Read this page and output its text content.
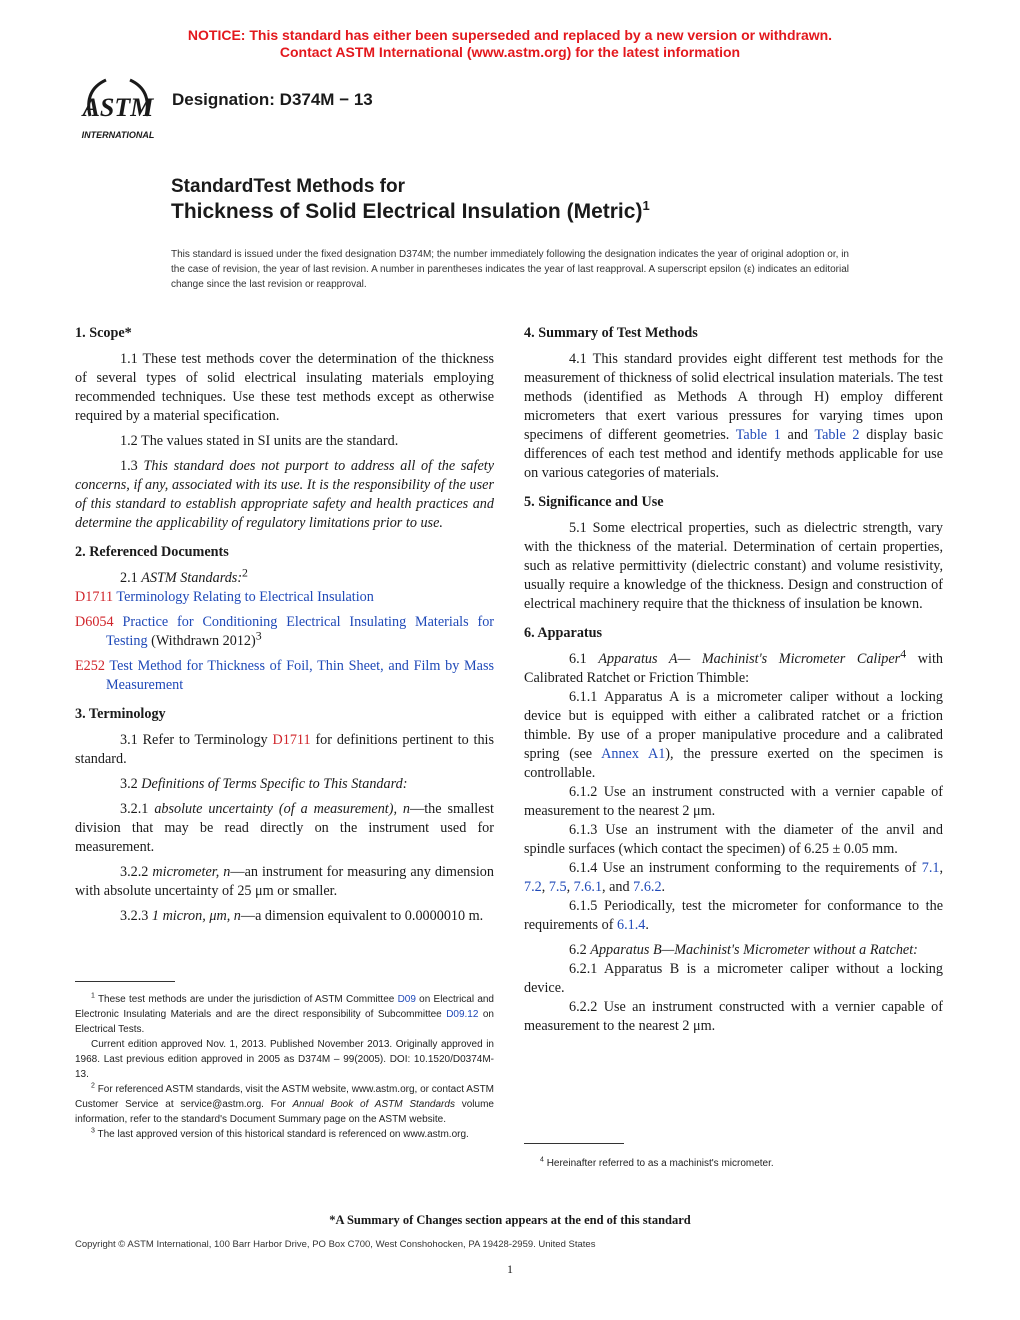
NOTICE: This standard has either been superseded and replaced by a new version or withdrawn.
Contact ASTM International (www.astm.org) for the latest information
ASTM
INTERNATIONAL
Designation: D374M − 13
StandardTest Methods for
Thickness of Solid Electrical Insulation (Metric)$^1$
This standard is issued under the fixed designation D374M; the number immediately following the designation indicates the year of original adoption or, in the case of revision, the year of last revision. A number in parentheses indicates the year of last reapproval. A superscript epsilon (ε) indicates an editorial change since the last revision or reapproval.
1. Scope*

1.1 These test methods cover the determination of the thickness of several types of solid electrical insulating materials employing recommended techniques. Use these test methods except as otherwise required by a material specification.

1.2 The values stated in SI units are the standard.

1.3 This standard does not purport to address all of the safety concerns, if any, associated with its use. It is the responsibility of the user of this standard to establish appropriate safety and health practices and determine the applicability of regulatory limitations prior to use.

2. Referenced Documents

2.1 ASTM Standards:$^2$

D1711 Terminology Relating to Electrical Insulation

D6054 Practice for Conditioning Electrical Insulating Materials for Testing (Withdrawn 2012)$^3$

E252 Test Method for Thickness of Foil, Thin Sheet, and Film by Mass Measurement

3. Terminology

3.1 Refer to Terminology D1711 for definitions pertinent to this standard.

3.2 Definitions of Terms Specific to This Standard:

3.2.1 absolute uncertainty (of a measurement), n—the smallest division that may be read directly on the instrument used for measurement.

3.2.2 micrometer, n—an instrument for measuring any dimension with absolute uncertainty of 25 μm or smaller.

3.2.3 1 micron, μm, n—a dimension equivalent to 0.0000010 m.

$^1$ These test methods are under the jurisdiction of ASTM Committee D09 on Electrical and Electronic Insulating Materials and are the direct responsibility of Subcommittee D09.12 on Electrical Tests.

Current edition approved Nov. 1, 2013. Published November 2013. Originally approved in 1968. Last previous edition approved in 2005 as D374M – 99(2005). DOI: 10.1520/D0374M-13.

$^2$ For referenced ASTM standards, visit the ASTM website, www.astm.org, or contact ASTM Customer Service at service@astm.org. For Annual Book of ASTM Standards volume information, refer to the standard's Document Summary page on the ASTM website.

$^3$ The last approved version of this historical standard is referenced on www.astm.org.

4. Summary of Test Methods

4.1 This standard provides eight different test methods for the measurement of thickness of solid electrical insulation materials. The test methods (identified as Methods A through H) employ different micrometers that exert various pressures for varying times upon specimens of different geometries. Table 1 and Table 2 display basic differences of each test method and identify methods applicable for use on various categories of materials.

5. Significance and Use

5.1 Some electrical properties, such as dielectric strength, vary with the thickness of the material. Determination of certain properties, such as relative permittivity (dielectric constant) and volume resistivity, usually require a knowledge of the thickness. Design and construction of electrical machinery require that the thickness of insulation be known.

6. Apparatus

6.1 Apparatus A— Machinist's Micrometer Caliper$^4$ with Calibrated Ratchet or Friction Thimble:

6.1.1 Apparatus A is a micrometer caliper without a locking device but is equipped with either a calibrated ratchet or a friction thimble. By use of a proper manipulative procedure and a calibrated spring (see Annex A1), the pressure exerted on the specimen is controllable.

6.1.2 Use an instrument constructed with a vernier capable of measurement to the nearest 2 μm.

6.1.3 Use an instrument with the diameter of the anvil and spindle surfaces (which contact the specimen) of 6.25 ± 0.05 mm.

6.1.4 Use an instrument conforming to the requirements of 7.1, 7.2, 7.5, 7.6.1, and 7.6.2.

6.1.5 Periodically, test the micrometer for conformance to the requirements of 6.1.4.

6.2 Apparatus B—Machinist's Micrometer without a Ratchet:

6.2.1 Apparatus B is a micrometer caliper without a locking device.

6.2.2 Use an instrument constructed with a vernier capable of measurement to the nearest 2 μm.

$^4$ Hereinafter referred to as a machinist's micrometer.

*A Summary of Changes section appears at the end of this standard
Copyright © ASTM International, 100 Barr Harbor Drive, PO Box C700, West Conshohocken, PA 19428-2959. United States
1
